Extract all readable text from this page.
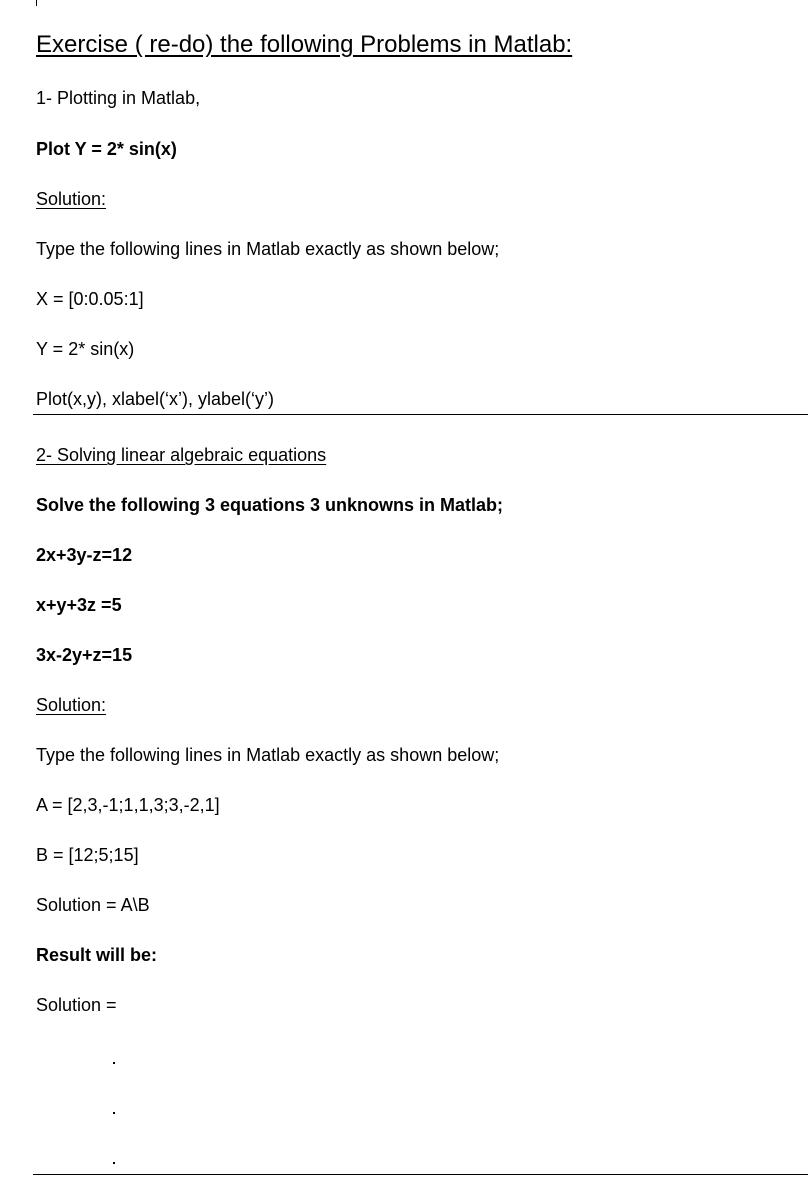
Exercise ( re-do) the following Problems in Matlab:
1- Plotting in Matlab,
Plot Y = 2* sin(x)
Solution:
Type the following lines in Matlab exactly as shown below;
X = [0:0.05:1]
Y = 2* sin(x)
Plot(x,y), xlabel(‘x’), ylabel(‘y’)
2- Solving linear algebraic equations
Solve the following 3 equations 3 unknowns in Matlab;
2x+3y-z=12
x+y+3z =5
3x-2y+z=15
Solution:
Type the following lines in Matlab exactly as shown below;
A = [2,3,-1;1,1,3;3,-2,1]
B = [12;5;15]
Solution = A\B
Result will be:
Solution =
